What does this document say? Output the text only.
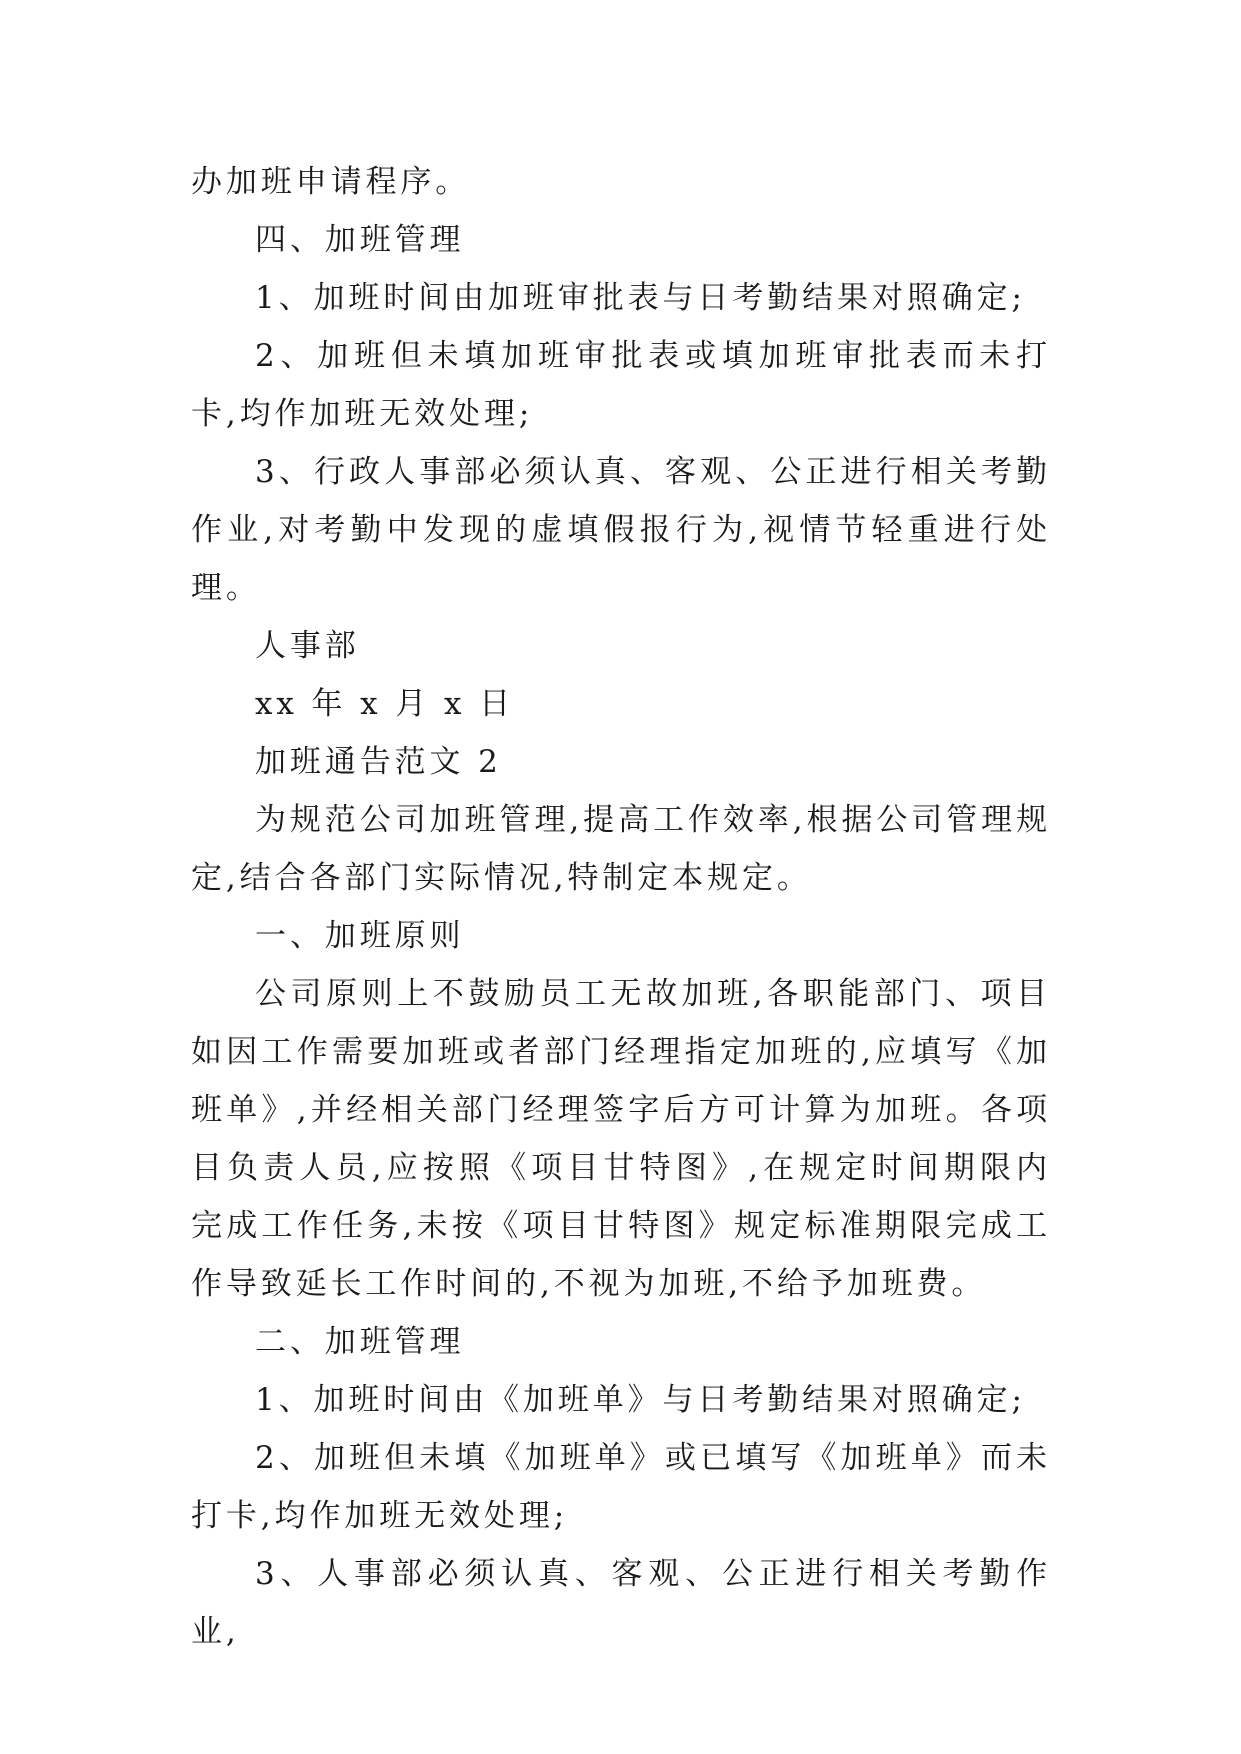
办加班申请程序。

四、加班管理

1、加班时间由加班审批表与日考勤结果对照确定;

2、加班但未填加班审批表或填加班审批表而未打卡,均作加班无效处理;

3、行政人事部必须认真、客观、公正进行相关考勤作业,对考勤中发现的虚填假报行为,视情节轻重进行处理。

人事部

xx 年 x 月 x 日

加班通告范文 2

为规范公司加班管理,提高工作效率,根据公司管理规定,结合各部门实际情况,特制定本规定。

一、加班原则

公司原则上不鼓励员工无故加班,各职能部门、项目如因工作需要加班或者部门经理指定加班的,应填写《加班单》,并经相关部门经理签字后方可计算为加班。各项目负责人员,应按照《项目甘特图》,在规定时间期限内完成工作任务,未按《项目甘特图》规定标准期限完成工作导致延长工作时间的,不视为加班,不给予加班费。

二、加班管理

1、加班时间由《加班单》与日考勤结果对照确定;

2、加班但未填《加班单》或已填写《加班单》而未打卡,均作加班无效处理;

3、人事部必须认真、客观、公正进行相关考勤作业,
